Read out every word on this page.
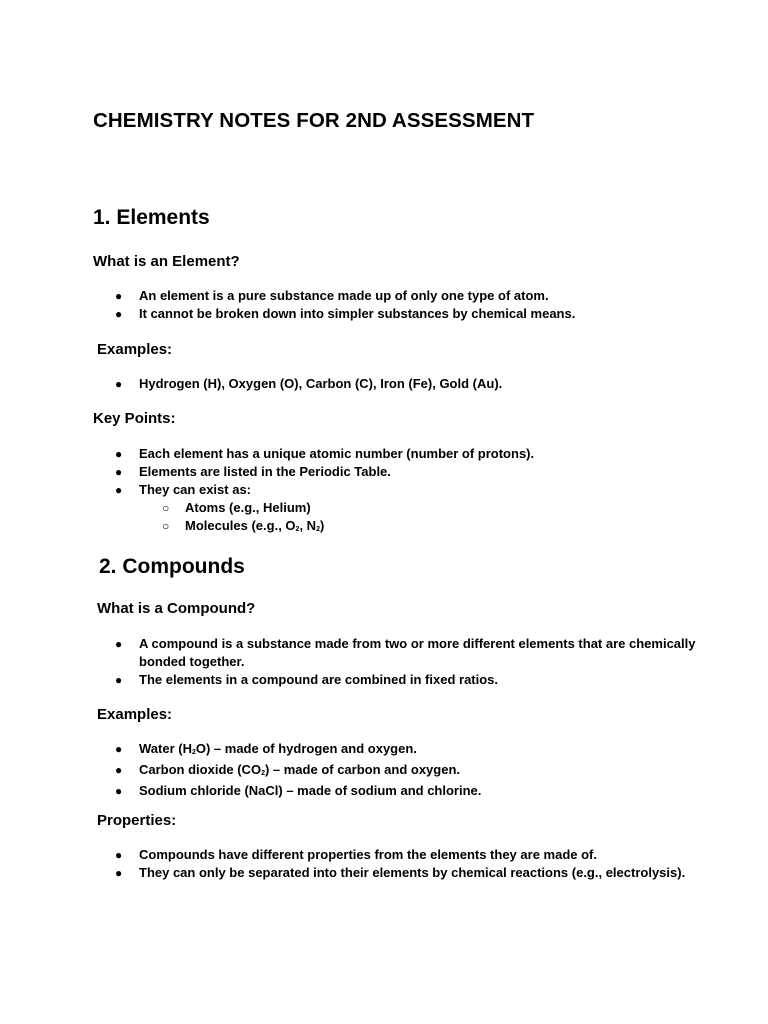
CHEMISTRY NOTES FOR 2ND ASSESSMENT
1. Elements
What is an Element?
● An element is a pure substance made up of only one type of atom.
● It cannot be broken down into simpler substances by chemical means.
Examples:
● Hydrogen (H), Oxygen (O), Carbon (C), Iron (Fe), Gold (Au).
Key Points:
● Each element has a unique atomic number (number of protons).
● Elements are listed in the Periodic Table.
● They can exist as:
○ Atoms (e.g., Helium)
○ Molecules (e.g., $O_2$, $N_2$)
2. Compounds
What is a Compound?
● A compound is a substance made from two or more different elements that are chemically bonded together.
● The elements in a compound are combined in fixed ratios.
Examples:
● Water $(H_2O)$ – made of hydrogen and oxygen.
● Carbon dioxide $(CO_2)$ – made of carbon and oxygen.
● Sodium chloride (NaCl) – made of sodium and chlorine.
Properties:
● Compounds have different properties from the elements they are made of.
● They can only be separated into their elements by chemical reactions (e.g., electrolysis).
